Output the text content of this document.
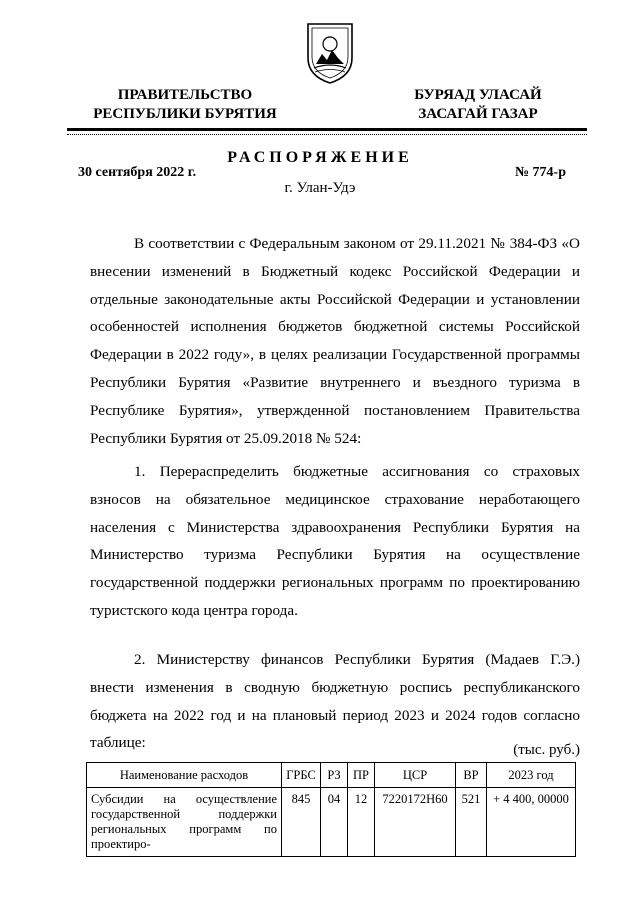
ПРАВИТЕЛЬСТВО
РЕСПУБЛИКИ БУРЯТИЯ
БУРЯАД УЛАСАЙ
ЗАСАГАЙ ГАЗАР
РАСПОРЯЖЕНИЕ
30 сентября 2022 г.	№ 774-р
г. Улан-Удэ

В соответствии с Федеральным законом от 29.11.2021 № 384-ФЗ «О внесении изменений в Бюджетный кодекс Российской Федерации и отдельные законодательные акты Российской Федерации и установлении особенностей исполнения бюджетов бюджетной системы Российской Федерации в 2022 году», в целях реализации Государственной программы Республики Бурятия «Развитие внутреннего и въездного туризма в Республике Бурятия», утвержденной постановлением Правительства Республики Бурятия от 25.09.2018 № 524:

1. Перераспределить бюджетные ассигнования со страховых взносов на обязательное медицинское страхование неработающего населения с Министерства здравоохранения Республики Бурятия на Министерство туризма Республики Бурятия на осуществление государственной поддержки региональных программ по проектированию туристского кода центра города.

2. Министерству финансов Республики Бурятия (Мадаев Г.Э.) внести изменения в сводную бюджетную роспись республиканского бюджета на 2022 год и на плановый период 2023 и 2024 годов согласно таблице:	(тыс. руб.)
Наименование расходов	ГРБС	РЗ	ПР	ЦСР	ВР	2023 год
Субсидии на осуществление государственной поддержки региональных программ по проектиро-	845	04	12	7220172Н60	521	+ 4 400, 00000
